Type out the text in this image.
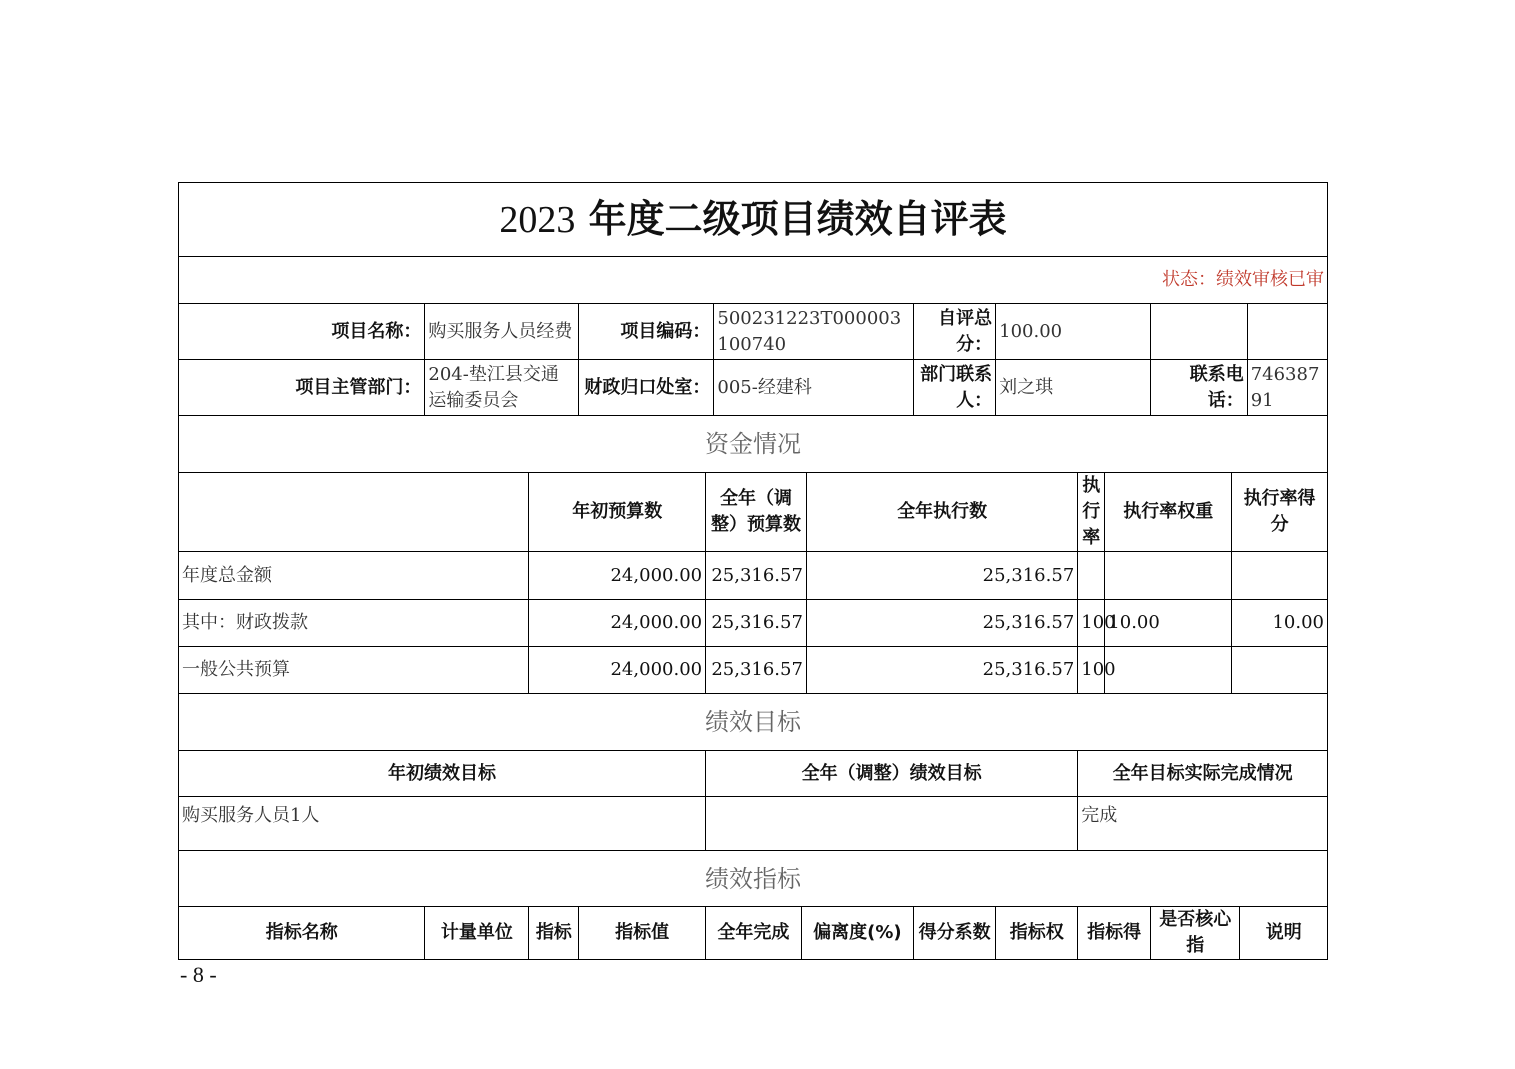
2023 年度二级项目绩效自评表															
状态：绩效审核已审															
项目名称：	购买服务人员经费		项目编码：		500231223T000003100740			自评总分：	100.00						
项目主管部门：	204-垫江县交通运输委员会		财政归口处室：		005-经建科			部门联系人：	刘之琪			联系电话：			74638791
资金情况															
		年初预算数		全年（调整）预算数			全年执行数			执行率	执行率权重		执行率得分		
年度总金额		24,000.00		25,316.57			25,316.57								
其中：财政拨款		24,000.00		25,316.57			25,316.57			100	10.00		10.00		
一般公共预算		24,000.00		25,316.57			25,316.57			100					
绩效目标															
年初绩效目标				全年（调整）绩效目标						全年目标实际完成情况					
购买服务人员1人										完成					
绩效指标															
指标名称	计量单位	指标	指标值	全年完成		偏离度(%)		得分系数	指标权	指标得		是否核心指		说明	
- 8 -
